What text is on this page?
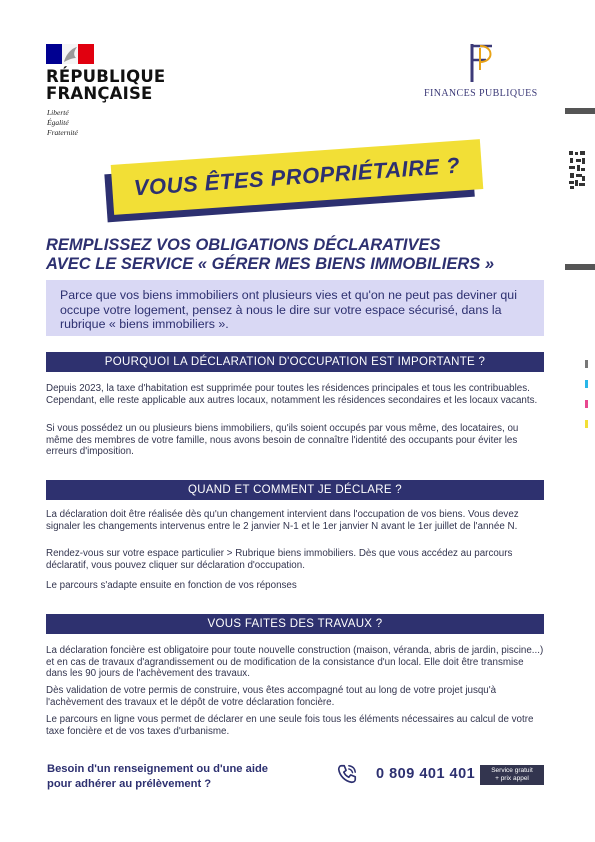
RÉPUBLIQUE
FRANÇAISE
Liberté
Égalité
Fraternité
FINANCES PUBLIQUES
VOUS ÊTES PROPRIÉTAIRE ?
REMPLISSEZ VOS OBLIGATIONS DÉCLARATIVES
AVEC LE SERVICE « GÉRER MES BIENS IMMOBILIERS »
Parce que vos biens immobiliers ont plusieurs vies et qu'on ne peut pas deviner qui occupe votre logement, pensez à nous le dire sur votre espace sécurisé, dans la rubrique « biens immobiliers ».
POURQUOI LA DÉCLARATION D'OCCUPATION EST IMPORTANTE ?
Depuis 2023, la taxe d'habitation est supprimée pour toutes les résidences principales et tous les contribuables. Cependant, elle reste applicable aux autres locaux, notamment les résidences secondaires et les locaux vacants.
Si vous possédez un ou plusieurs biens immobiliers, qu'ils soient occupés par vous même, des locataires, ou même des membres de votre famille, nous avons besoin de connaître l'identité des occupants pour éviter les erreurs d'imposition.
QUAND ET COMMENT JE DÉCLARE ?
La déclaration doit être réalisée dès qu'un changement intervient dans l'occupation de vos biens. Vous devez signaler les changements intervenus entre le 2 janvier N-1 et le 1er janvier N avant le 1er juillet de l'année N.
Rendez-vous sur votre espace particulier > Rubrique biens immobiliers. Dès que vous accédez au parcours déclaratif, vous pouvez cliquer sur déclaration d'occupation.
Le parcours s'adapte ensuite en fonction de vos réponses
VOUS FAITES DES TRAVAUX ?
La déclaration foncière est obligatoire pour toute nouvelle construction (maison, véranda, abris de jardin, piscine...) et en cas de travaux d'agrandissement ou de modification de la consistance d'un local. Elle doit être transmise dans les 90 jours de l'achèvement des travaux.
Dès validation de votre permis de construire, vous êtes accompagné tout au long de votre projet jusqu'à l'achèvement des travaux et le dépôt de votre déclaration foncière.
Le parcours en ligne vous permet de déclarer en une seule fois tous les éléments nécessaires au calcul de votre taxe foncière et de vos taxes d'urbanisme.
Besoin d'un renseignement ou d'une aide
pour adhérer au prélèvement ?
0 809 401 401	Service gratuit
+ prix appel
